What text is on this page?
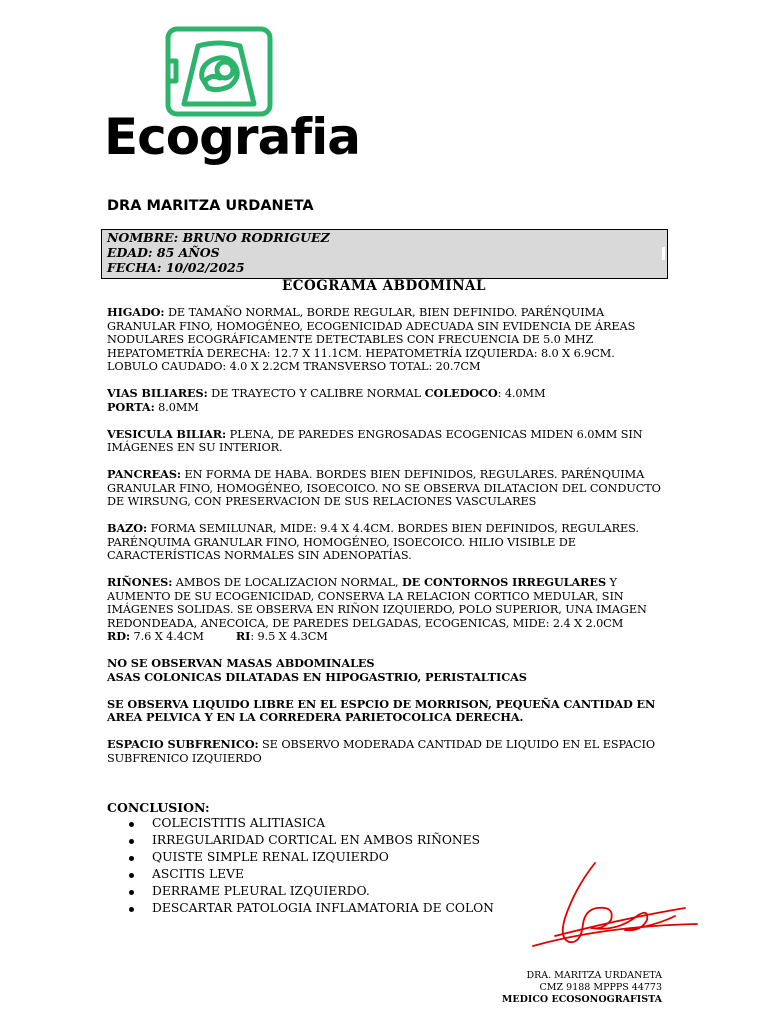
Ecografia
DRA MARITZA URDANETA
NOMBRE: BRUNO RODRIGUEZ
EDAD: 85 AÑOS
FECHA: 10/02/2025
ECOGRAMA ABDOMINAL

HIGADO: DE TAMAÑO NORMAL, BORDE REGULAR, BIEN DEFINIDO. PARÉNQUIMA GRANULAR FINO, HOMOGÉNEO, ECOGENICIDAD ADECUADA SIN EVIDENCIA DE ÁREAS NODULARES ECOGRÁFICAMENTE DETECTABLES CON FRECUENCIA DE 5.0 MHZ HEPATOMETRÍA DERECHA: 12.7 X 11.1CM. HEPATOMETRÍA IZQUIERDA: 8.0 X 6.9CM. LOBULO CAUDADO: 4.0 X 2.2CM TRANSVERSO TOTAL: 20.7CM

VIAS BILIARES: DE TRAYECTO Y CALIBRE NORMAL COLEDOCO: 4.0MM
PORTA: 8.0MM

VESICULA BILIAR: PLENA, DE PAREDES ENGROSADAS ECOGENICAS MIDEN 6.0MM SIN IMÁGENES EN SU INTERIOR.

PANCREAS: EN FORMA DE HABA. BORDES BIEN DEFINIDOS, REGULARES. PARÉNQUIMA GRANULAR FINO, HOMOGÉNEO, ISOECOICO. NO SE OBSERVA DILATACION DEL CONDUCTO DE WIRSUNG, CON PRESERVACION DE SUS RELACIONES VASCULARES

BAZO: FORMA SEMILUNAR, MIDE: 9.4 X 4.4CM. BORDES BIEN DEFINIDOS, REGULARES. PARÉNQUIMA GRANULAR FINO, HOMOGÉNEO, ISOECOICO. HILIO VISIBLE DE CARACTERÍSTICAS NORMALES SIN ADENOPATÍAS.

RIÑONES: AMBOS DE LOCALIZACION NORMAL, DE CONTORNOS IRREGULARES Y AUMENTO DE SU ECOGENICIDAD, CONSERVA LA RELACION CORTICO MEDULAR, SIN IMÁGENES SOLIDAS. SE OBSERVA EN RIÑON IZQUIERDO, POLO SUPERIOR, UNA IMAGEN REDONDEADA, ANECOICA, DE PAREDES DELGADAS, ECOGENICAS, MIDE: 2.4 X 2.0CM
RD: 7.6 X 4.4CM	RI: 9.5 X 4.3CM

NO SE OBSERVAN MASAS ABDOMINALES
ASAS COLONICAS DILATADAS EN HIPOGASTRIO, PERISTALTICAS

SE OBSERVA LIQUIDO LIBRE EN EL ESPCIO DE MORRISON, PEQUEÑA CANTIDAD EN AREA PELVICA Y EN LA CORREDERA PARIETOCOLICA DERECHA.

ESPACIO SUBFRENICO: SE OBSERVO MODERADA CANTIDAD DE LIQUIDO EN EL ESPACIO SUBFRENICO IZQUIERDO

CONCLUSION:
COLECISTITIS ALITIASICA
IRREGULARIDAD CORTICAL EN AMBOS RIÑONES
QUISTE SIMPLE RENAL IZQUIERDO
ASCITIS LEVE
DERRAME PLEURAL IZQUIERDO.
DESCARTAR PATOLOGIA INFLAMATORIA DE COLON
DRA. MARITZA URDANETA
CMZ 9188 MPPPS 44773
MEDICO ECOSONOGRAFISTA
